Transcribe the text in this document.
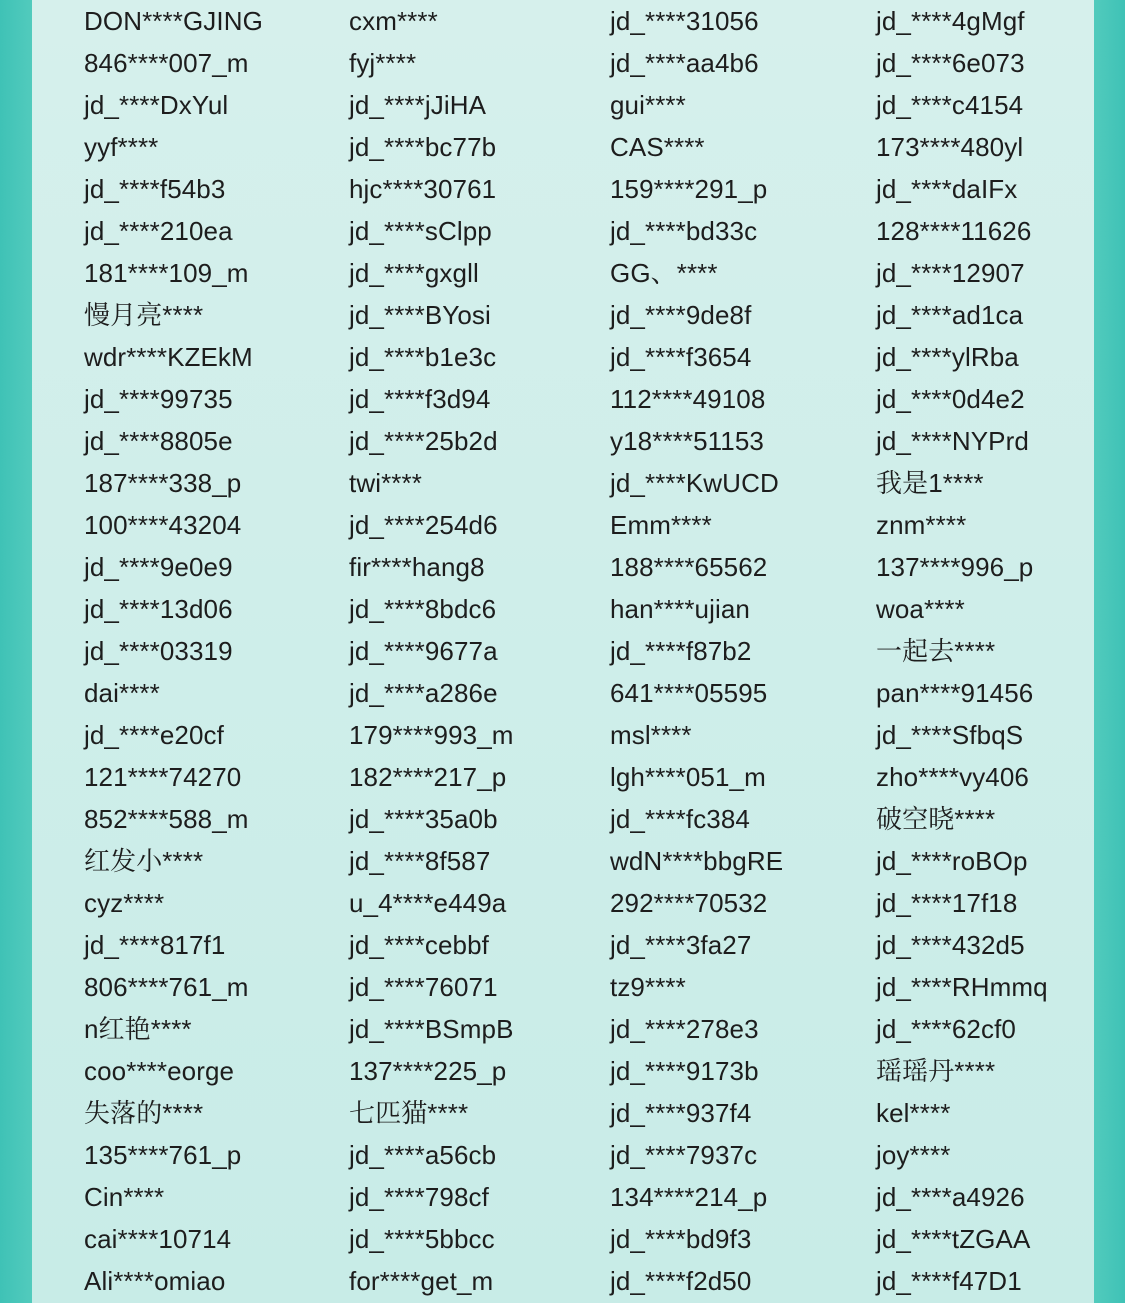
DON****GJING
846****007_m
jd_****DxYul
yyf****
jd_****f54b3
jd_****210ea
181****109_m
慢月亮****
wdr****KZEkM
jd_****99735
jd_****8805e
187****338_p
100****43204
jd_****9e0e9
jd_****13d06
jd_****03319
dai****
jd_****e20cf
121****74270
852****588_m
红发小****
cyz****
jd_****817f1
806****761_m
n红艳****
coo****eorge
失落的****
135****761_p
Cin****
cai****10714
Ali****omiao
cxm****
fyj****
jd_****jJiHA
jd_****bc77b
hjc****30761
jd_****sClpp
jd_****gxgll
jd_****BYosi
jd_****b1e3c
jd_****f3d94
jd_****25b2d
twi****
jd_****254d6
fir****hang8
jd_****8bdc6
jd_****9677a
jd_****a286e
179****993_m
182****217_p
jd_****35a0b
jd_****8f587
u_4****e449a
jd_****cebbf
jd_****76071
jd_****BSmpB
137****225_p
七匹猫****
jd_****a56cb
jd_****798cf
jd_****5bbcc
for****get_m
jd_****31056
jd_****aa4b6
gui****
CAS****
159****291_p
jd_****bd33c
GG、****
jd_****9de8f
jd_****f3654
112****49108
y18****51153
jd_****KwUCD
Emm****
188****65562
han****ujian
jd_****f87b2
641****05595
msl****
lgh****051_m
jd_****fc384
wdN****bbgRE
292****70532
jd_****3fa27
tz9****
jd_****278e3
jd_****9173b
jd_****937f4
jd_****7937c
134****214_p
jd_****bd9f3
jd_****f2d50
jd_****4gMgf
jd_****6e073
jd_****c4154
173****480yl
jd_****daIFx
128****11626
jd_****12907
jd_****ad1ca
jd_****ylRba
jd_****0d4e2
jd_****NYPrd
我是1****
znm****
137****996_p
woa****
一起去****
pan****91456
jd_****SfbqS
zho****vy406
破空晓****
jd_****roBOp
jd_****17f18
jd_****432d5
jd_****RHmmq
jd_****62cf0
瑶瑶丹****
kel****
joy****
jd_****a4926
jd_****tZGAA
jd_****f47D1
